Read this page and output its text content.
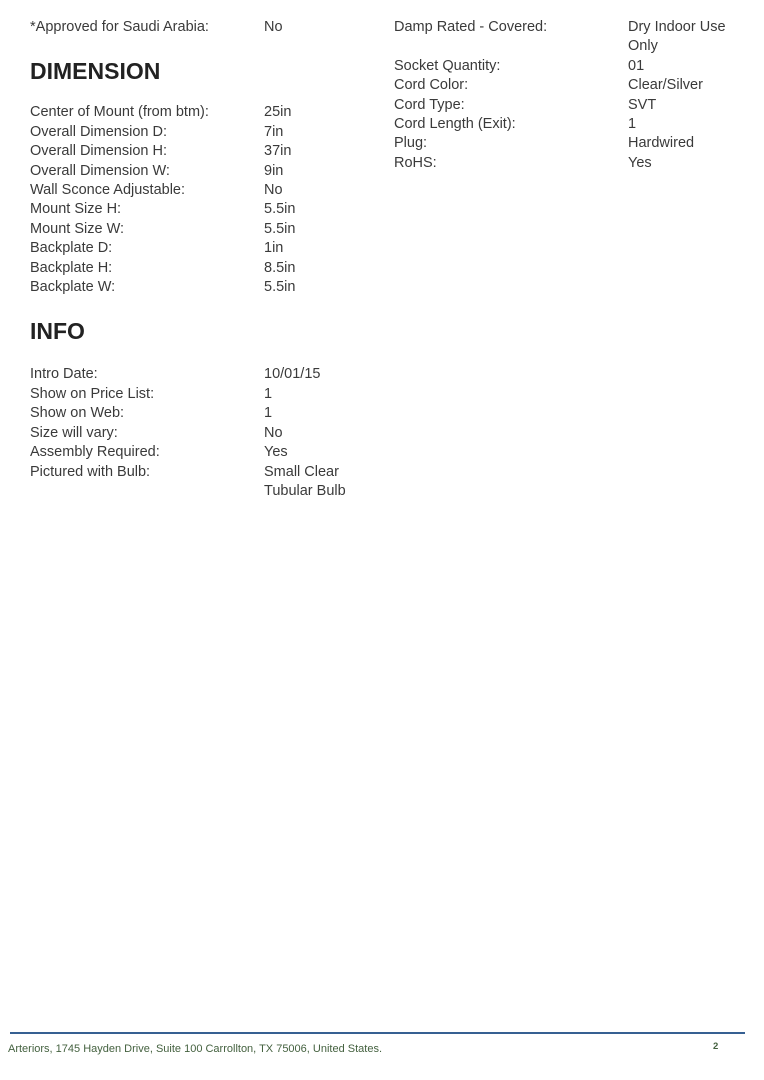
*Approved for Saudi Arabia:	No
DIMENSION
Center of Mount (from btm):	25in
Overall Dimension D:	7in
Overall Dimension H:	37in
Overall Dimension W:	9in
Wall Sconce Adjustable:	No
Mount Size H:	5.5in
Mount Size W:	5.5in
Backplate D:	1in
Backplate H:	8.5in
Backplate W:	5.5in
INFO
Intro Date:	10/01/15
Show on Price List:	1
Show on Web:	1
Size will vary:	No
Assembly Required:	Yes
Pictured with Bulb:	Small Clear Tubular Bulb
Damp Rated - Covered:	Dry Indoor Use Only
Socket Quantity:	01
Cord Color:	Clear/Silver
Cord Type:	SVT
Cord Length (Exit):	1
Plug:	Hardwired
RoHS:	Yes
Arteriors, 1745 Hayden Drive, Suite 100 Carrollton, TX 75006, United States.	2
